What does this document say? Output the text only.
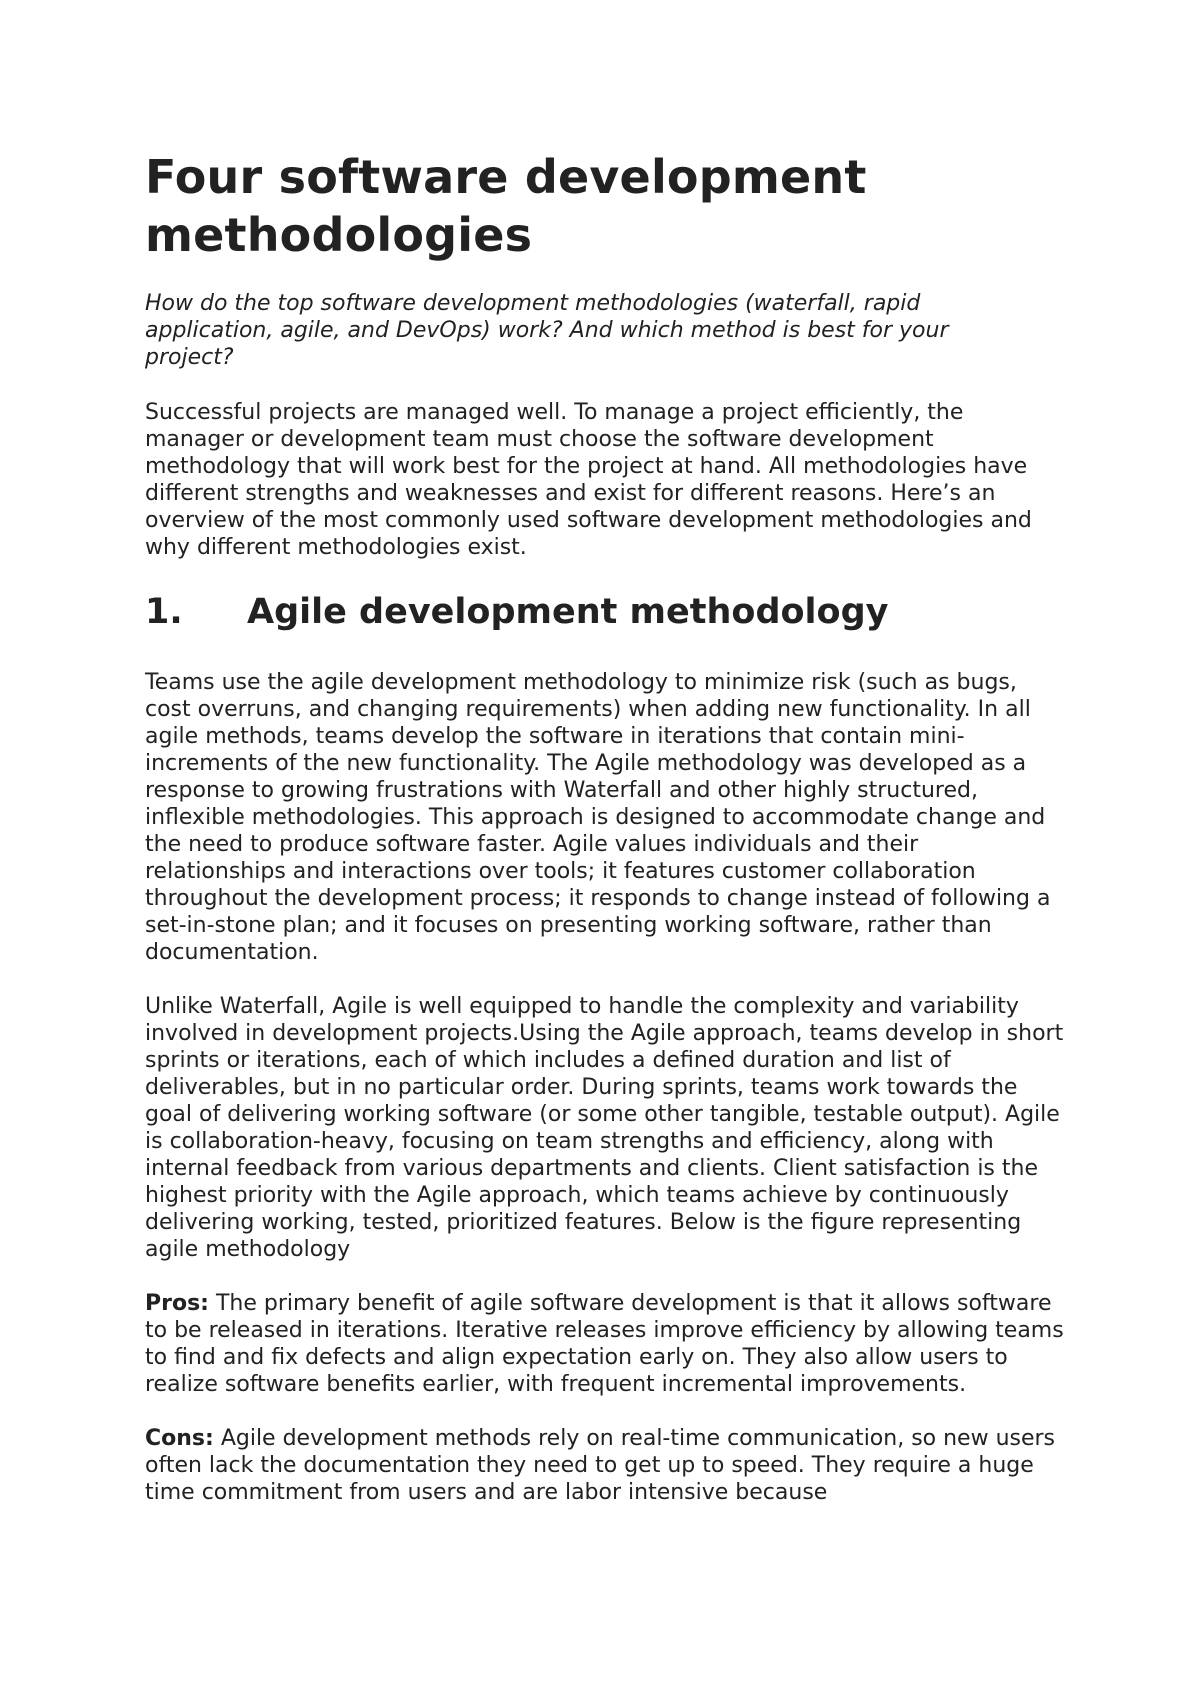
Four software development methodologies

How do the top software development methodologies (waterfall, rapid application, agile, and DevOps) work? And which method is best for your project?

Successful projects are managed well. To manage a project efficiently, the manager or development team must choose the software development methodology that will work best for the project at hand. All methodologies have different strengths and weaknesses and exist for different reasons. Here’s an overview of the most commonly used software development methodologies and why different methodologies exist.

1.	Agile development methodology

Teams use the agile development methodology to minimize risk (such as bugs, cost overruns, and changing requirements) when adding new functionality. In all agile methods, teams develop the software in iterations that contain mini-increments of the new functionality. The Agile methodology was developed as a response to growing frustrations with Waterfall and other highly structured, inflexible methodologies. This approach is designed to accommodate change and the need to produce software faster. Agile values individuals and their relationships and interactions over tools; it features customer collaboration throughout the development process; it responds to change instead of following a set-in-stone plan; and it focuses on presenting working software, rather than documentation.

Unlike Waterfall, Agile is well equipped to handle the complexity and variability involved in development projects.Using the Agile approach, teams develop in short sprints or iterations, each of which includes a defined duration and list of deliverables, but in no particular order. During sprints, teams work towards the goal of delivering working software (or some other tangible, testable output). Agile is collaboration-heavy, focusing on team strengths and efficiency, along with internal feedback from various departments and clients. Client satisfaction is the highest priority with the Agile approach, which teams achieve by continuously delivering working, tested, prioritized features. Below is the figure representing agile methodology

Pros: The primary benefit of agile software development is that it allows software to be released in iterations. Iterative releases improve efficiency by allowing teams to find and fix defects and align expectation early on. They also allow users to realize software benefits earlier, with frequent incremental improvements.

Cons: Agile development methods rely on real-time communication, so new users often lack the documentation they need to get up to speed. They require a huge time commitment from users and are labor intensive because
